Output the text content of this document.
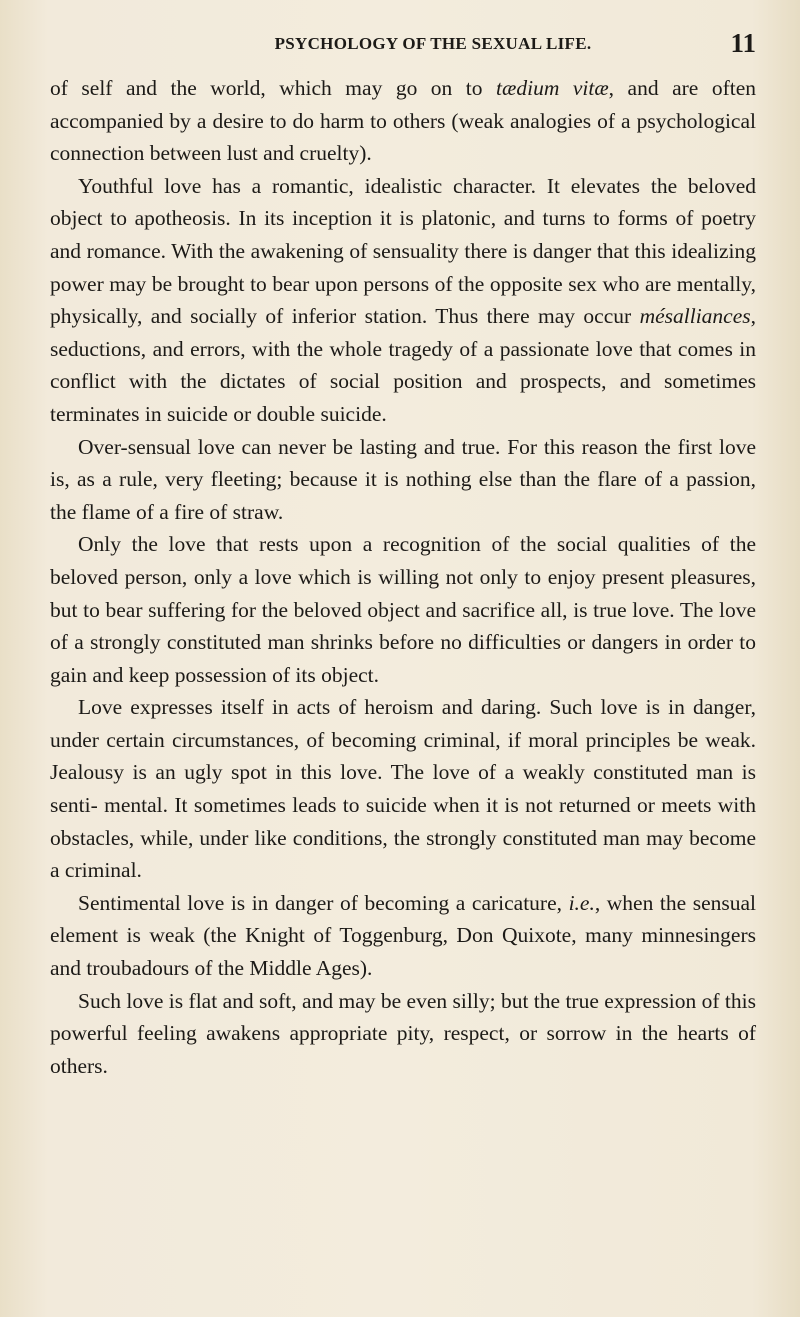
PSYCHOLOGY OF THE SEXUAL LIFE.	11

of self and the world, which may go on to tædium vitæ, and are often accompanied by a desire to do harm to others (weak analogies of a psychological connection between lust and cruelty).

Youthful love has a romantic, idealistic character. It elevates the beloved object to apotheosis. In its inception it is platonic, and turns to forms of poetry and romance. With the awakening of sensuality there is danger that this idealizing power may be brought to bear upon persons of the opposite sex who are mentally, physically, and socially of inferior station. Thus there may occur mésalliances, seductions, and errors, with the whole tragedy of a passionate love that comes in conflict with the dictates of social position and prospects, and sometimes terminates in suicide or double suicide.

Over-sensual love can never be lasting and true. For this reason the first love is, as a rule, very fleeting; because it is nothing else than the flare of a passion, the flame of a fire of straw.

Only the love that rests upon a recognition of the social qualities of the beloved person, only a love which is willing not only to enjoy present pleasures, but to bear suffering for the beloved object and sacrifice all, is true love. The love of a strongly constituted man shrinks before no difficulties or dangers in order to gain and keep possession of its object.

Love expresses itself in acts of heroism and daring. Such love is in danger, under certain circumstances, of becoming criminal, if moral principles be weak. Jealousy is an ugly spot in this love. The love of a weakly constituted man is senti- mental. It sometimes leads to suicide when it is not returned or meets with obstacles, while, under like conditions, the strongly constituted man may become a criminal.

Sentimental love is in danger of becoming a caricature, i.e., when the sensual element is weak (the Knight of Toggenburg, Don Quixote, many minnesingers and troubadours of the Middle Ages).

Such love is flat and soft, and may be even silly; but the true expression of this powerful feeling awakens appropriate pity, respect, or sorrow in the hearts of others.
